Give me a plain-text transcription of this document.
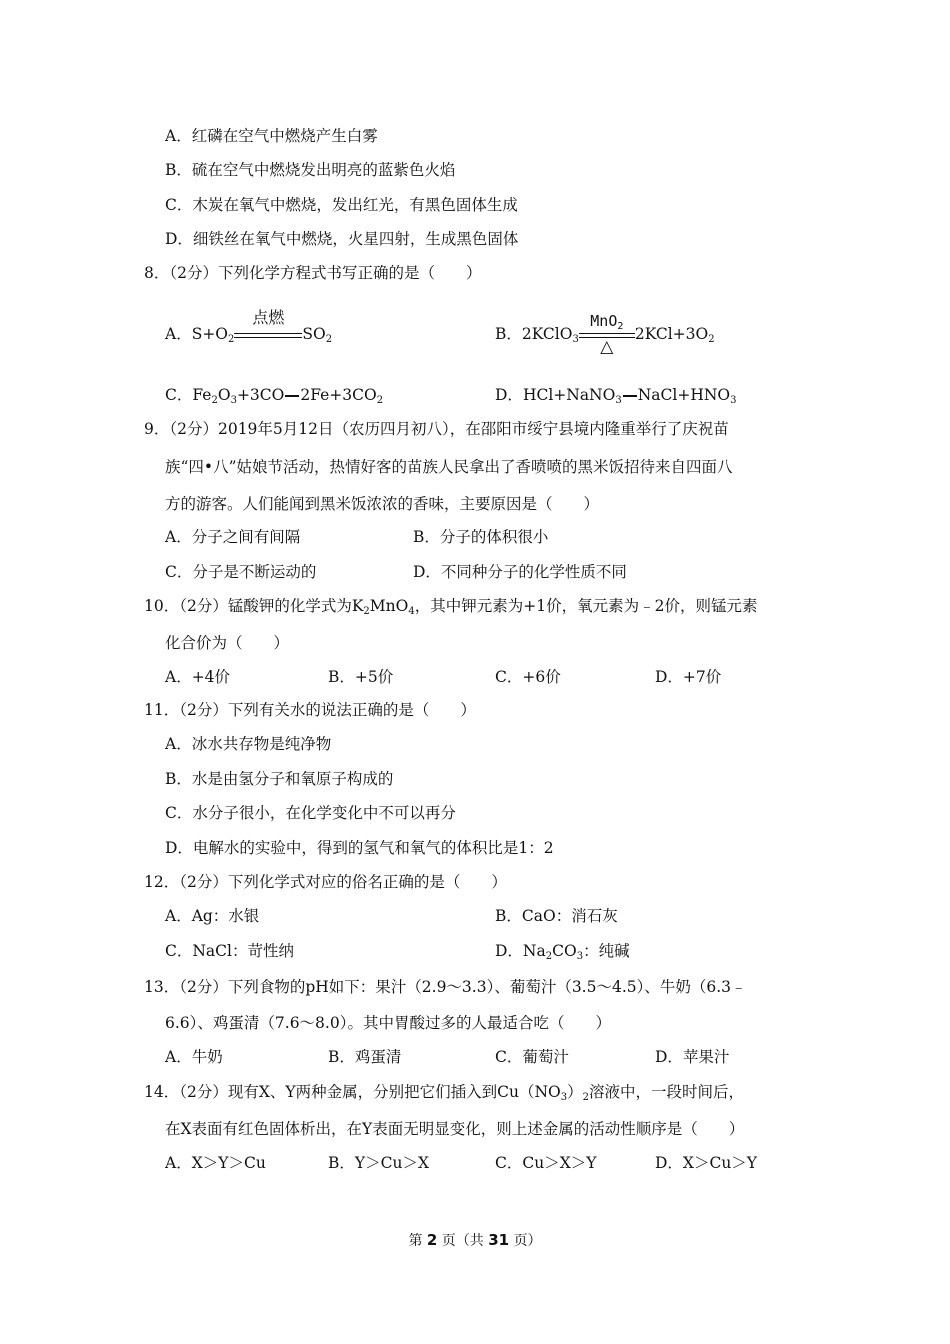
A．红磷在空气中燃烧产生白雾
B．硫在空气中燃烧发出明亮的蓝紫色火焰
C．木炭在氧气中燃烧，发出红光，有黑色固体生成
D．细铁丝在氧气中燃烧，火星四射，生成黑色固体
8．（2分）下列化学方程式书写正确的是（　　）
A．$S+O_2$
点燃
$SO_2$	B．2KClO$_3$
MnO$_2$
△
$2KCl+3O_2$
C．$Fe_2O_3+3CO$ $2Fe+3CO_2$	D．HCl+NaNO$_3$ $NaCl+HNO_3$
9．（2分）2019年5月12日（农历四月初八），在邵阳市绥宁县境内隆重举行了庆祝苗
族“四•八”姑娘节活动，热情好客的苗族人民拿出了香喷喷的黑米饭招待来自四面八
方的游客。人们能闻到黑米饭浓浓的香味，主要原因是（　　）
A．分子之间有间隔	B．分子的体积很小
C．分子是不断运动的	D．不同种分子的化学性质不同
10．（2分）锰酸钾的化学式为$K_2MnO_4$，其中钾元素为+1价，氧元素为﹣2价，则锰元素
化合价为（　　）
A．+4价	B．+5价	C．+6价	D．+7价
11．（2分）下列有关水的说法正确的是（　　）
A．冰水共存物是纯净物
B．水是由氢分子和氧原子构成的
C．水分子很小，在化学变化中不可以再分
D．电解水的实验中，得到的氢气和氧气的体积比是1：2
12．（2分）下列化学式对应的俗名正确的是（　　）
A．Ag：水银	B．CaO：消石灰
C．NaCl：苛性纳	D．$Na_2CO_3$：纯碱
13．（2分）下列食物的pH如下：果汁（2.9～3.3）、葡萄汁（3.5～4.5）、牛奶（6.3﹣
6.6）、鸡蛋清（7.6～8.0）。其中胃酸过多的人最适合吃（　　）
A．牛奶	B．鸡蛋清	C．葡萄汁	D．苹果汁
14．（2分）现有X、Y两种金属，分别把它们插入到$Cu(NO_3)_2$溶液中，一段时间后，
在X表面有红色固体析出，在Y表面无明显变化，则上述金属的活动性顺序是（　　）
A．X＞Y＞Cu	B．Y＞Cu＞X	C．Cu＞X＞Y	D．X＞Cu＞Y
第 2 页（共 31 页）
